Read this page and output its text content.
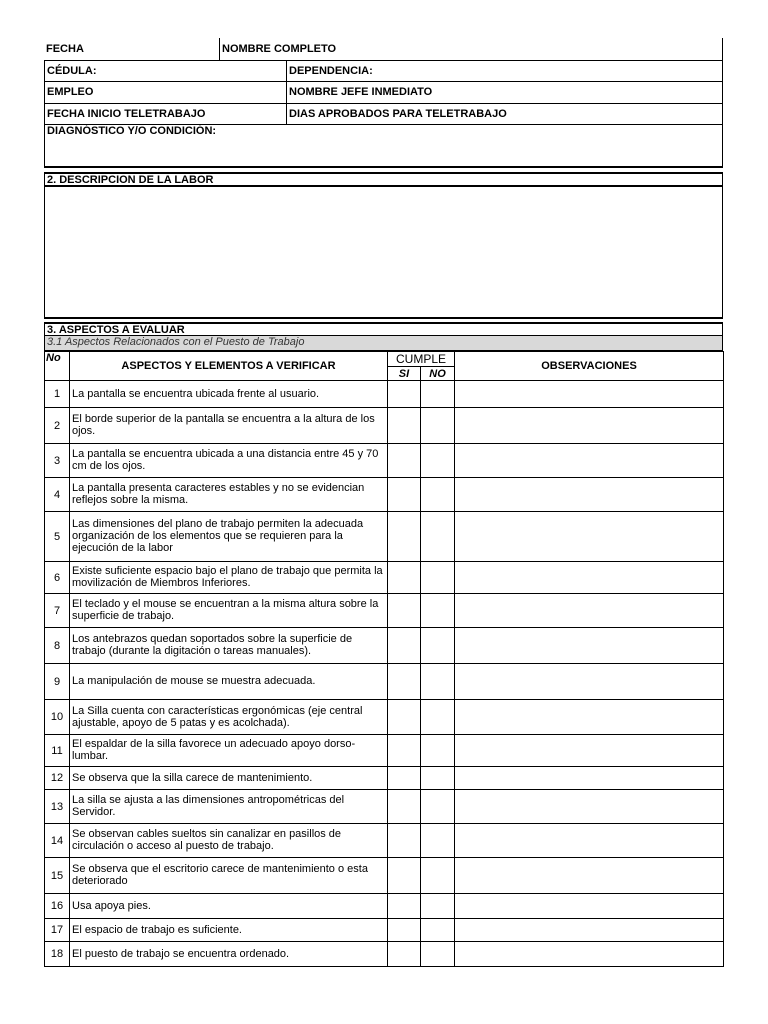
FECHA	NOMBRE COMPLETO
CÉDULA:	DEPENDENCIA:
EMPLEO	NOMBRE JEFE INMEDIATO
FECHA INICIO TELETRABAJO	DIAS APROBADOS PARA TELETRABAJO
DIAGNÓSTICO Y/O CONDICIÓN:
2. DESCRIPCION DE LA LABOR
3. ASPECTOS A EVALUAR
3.1 Aspectos Relacionados con el Puesto de Trabajo
No	ASPECTOS Y ELEMENTOS A VERIFICAR	CUMPLE		OBSERVACIONES
		SI	NO	
1	La pantalla se encuentra ubicada frente al usuario.			
2	El borde superior de la pantalla se encuentra a la altura de los ojos.			
3	La pantalla se encuentra ubicada a una distancia entre 45 y 70 cm de los ojos.			
4	La pantalla presenta caracteres estables y no se evidencian reflejos sobre la misma.			
5	Las dimensiones del plano de trabajo permiten la adecuada organización de los elementos que se requieren para la ejecución de la labor			
6	Existe suficiente espacio bajo el plano de trabajo que permita la movilización de Miembros Inferiores.			
7	El teclado y el mouse se encuentran a la misma altura sobre la superficie de trabajo.			
8	Los antebrazos quedan soportados sobre la superficie de trabajo (durante la digitación o tareas manuales).			
9	La manipulación de mouse se muestra adecuada.			
10	La Silla cuenta con características ergonómicas (eje central ajustable, apoyo de 5 patas y es acolchada).			
11	El espaldar de la silla favorece un adecuado apoyo dorso-lumbar.			
12	Se observa que la silla carece de mantenimiento.			
13	La silla se ajusta a las dimensiones antropométricas del Servidor.			
14	Se observan cables sueltos sin canalizar en pasillos de circulación o acceso al puesto de trabajo.			
15	Se observa que el escritorio carece de mantenimiento o esta deteriorado			
16	Usa apoya pies.			
17	El espacio de trabajo es suficiente.			
18	El puesto de trabajo se encuentra ordenado.			
